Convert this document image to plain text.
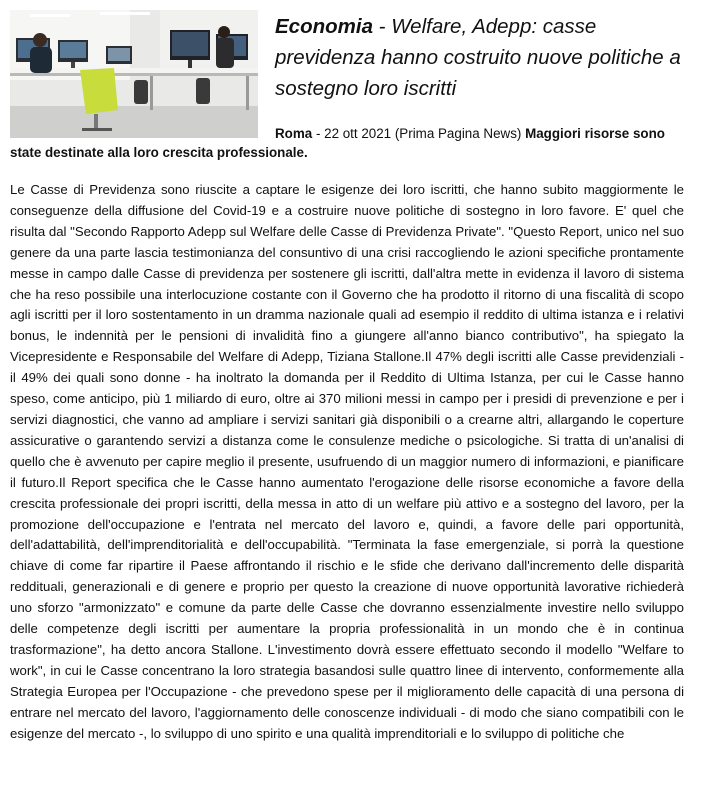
Economia - Welfare, Adepp: casse previdenza hanno costruito nuove politiche a sostegno loro iscritti

Roma - 22 ott 2021 (Prima Pagina News) Maggiori risorse sono state destinate alla loro crescita professionale.

Le Casse di Previdenza sono riuscite a captare le esigenze dei loro iscritti, che hanno subito maggiormente le conseguenze della diffusione del Covid-19 e a costruire nuove politiche di sostegno in loro favore. E' quel che risulta dal "Secondo Rapporto Adepp sul Welfare delle Casse di Previdenza Private". "Questo Report, unico nel suo genere da una parte lascia testimonianza del consuntivo di una crisi raccogliendo le azioni specifiche prontamente messe in campo dalle Casse di previdenza per sostenere gli iscritti, dall'altra mette in evidenza il lavoro di sistema che ha reso possibile una interlocuzione costante con il Governo che ha prodotto il ritorno di una fiscalità di scopo agli iscritti per il loro sostentamento in un dramma nazionale quali ad esempio il reddito di ultima istanza e i relativi bonus, le indennità per le pensioni di invalidità fino a giungere all'anno bianco contributivo", ha spiegato la Vicepresidente e Responsabile del Welfare di Adepp, Tiziana Stallone.Il 47% degli iscritti alle Casse previdenziali - il 49% dei quali sono donne - ha inoltrato la domanda per il Reddito di Ultima Istanza, per cui le Casse hanno speso, come anticipo, più 1 miliardo di euro, oltre ai 370 milioni messi in campo per i presidi di prevenzione e per i servizi diagnostici, che vanno ad ampliare i servizi sanitari già disponibili o a crearne altri, allargando le coperture assicurative o garantendo servizi a distanza come le consulenze mediche o psicologiche. Si tratta di un'analisi di quello che è avvenuto per capire meglio il presente, usufruendo di un maggior numero di informazioni, e pianificare il futuro.Il Report specifica che le Casse hanno aumentato l'erogazione delle risorse economiche a favore della crescita professionale dei propri iscritti, della messa in atto di un welfare più attivo e a sostegno del lavoro, per la promozione dell'occupazione e l'entrata nel mercato del lavoro e, quindi, a favore delle pari opportunità, dell'adattabilità, dell'imprenditorialità e dell'occupabilità. "Terminata la fase emergenziale, si porrà la questione chiave di come far ripartire il Paese affrontando il rischio e le sfide che derivano dall'incremento delle disparità reddituali, generazionali e di genere e proprio per questo la creazione di nuove opportunità lavorative richiederà uno sforzo "armonizzato" e comune da parte delle Casse che dovranno essenzialmente investire nello sviluppo delle competenze degli iscritti per aumentare la propria professionalità in un mondo che è in continua trasformazione", ha detto ancora Stallone. L'investimento dovrà essere effettuato secondo il modello "Welfare to work", in cui le Casse concentrano la loro strategia basandosi sulle quattro linee di intervento, conformemente alla Strategia Europea per l'Occupazione - che prevedono spese per il miglioramento delle capacità di una persona di entrare nel mercato del lavoro, l'aggiornamento delle conoscenze individuali - di modo che siano compatibili con le esigenze del mercato -, lo sviluppo di uno spirito e una qualità imprenditoriali e lo sviluppo di politiche che
